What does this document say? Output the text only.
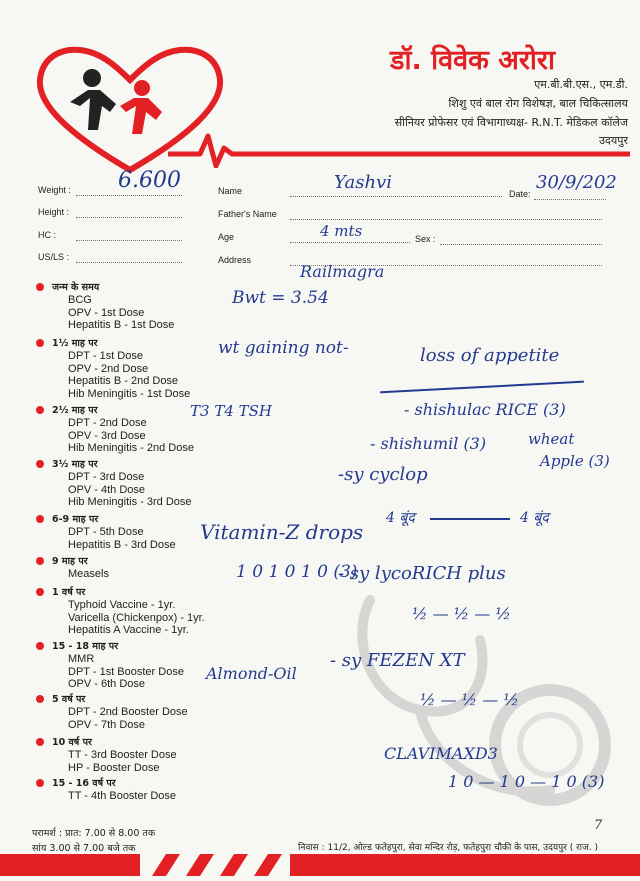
डॉ. विवेक अरोरा
एम.बी.बी.एस., एम.डी.
शिशु एवं बाल रोग विशेषज्ञ, बाल चिकित्सालय
सीनियर प्रोफेसर एवं विभागाध्यक्ष- R.N.T. मेडिकल कॉलेज
उदयपुर
Weight : 6.600
Height :
HC :
US/LS :
Name	Yashvi
Date:
30/9/202
Father's Name
Age	4 mts	Sex :
Address
Railmagra
जन्म के समय
BCG
OPV - 1st Dose
Hepatitis B - 1st Dose
1½ माह पर
DPT - 1st Dose
OPV - 2nd Dose
Hepatitis B - 2nd Dose
Hib Meningitis - 1st Dose
2½ माह पर
DPT - 2nd Dose
OPV - 3rd Dose
Hib Meningitis - 2nd Dose
3½ माह पर
DPT - 3rd Dose
OPV - 4th Dose
Hib Meningitis - 3rd Dose
6-9 माह पर
DPT - 5th Dose
Hepatitis B - 3rd Dose
9 माह पर
Measels
1 वर्ष पर
Typhoid Vaccine - 1yr.
Varicella (Chickenpox) - 1yr.
Hepatitis A Vaccine - 1yr.
15 - 18 माह पर
MMR
DPT - 1st Booster Dose
OPV - 6th Dose
5 वर्ष पर
DPT - 2nd Booster Dose
OPV - 7th Dose
10 वर्ष पर
TT - 3rd Booster Dose
HP - Booster Dose
15 - 16 वर्ष पर
TT - 4th Booster Dose
Bwt = 3.54
wt gaining not-	loss of appetite
T3 T4 TSH	- shishulac RICE (3)
- shishumil (3)	wheat
Apple (3)
-sy cyclop
4 बूंद	4 बूंद
Vitamin-Z drops
1 0 1 0 1 0 (3)
- sy lycoRICH plus
½ — ½ — ½
Almond-Oil
- sy FEZEN XT
½ — ½ — ½
CLAVIMAXD3
1 0 — 1 0 — 1 0 (3)
7
परामर्श : प्रात: 7.00 से 8.00 तक
सांय 3.00 से 7.00 बजे तक	निवास : 11/2, ओल्ड फतेहपुरा, सेवा मन्दिर रोड़, फतेहपुरा चौकी के पास, उदयपुर ( राज. )
